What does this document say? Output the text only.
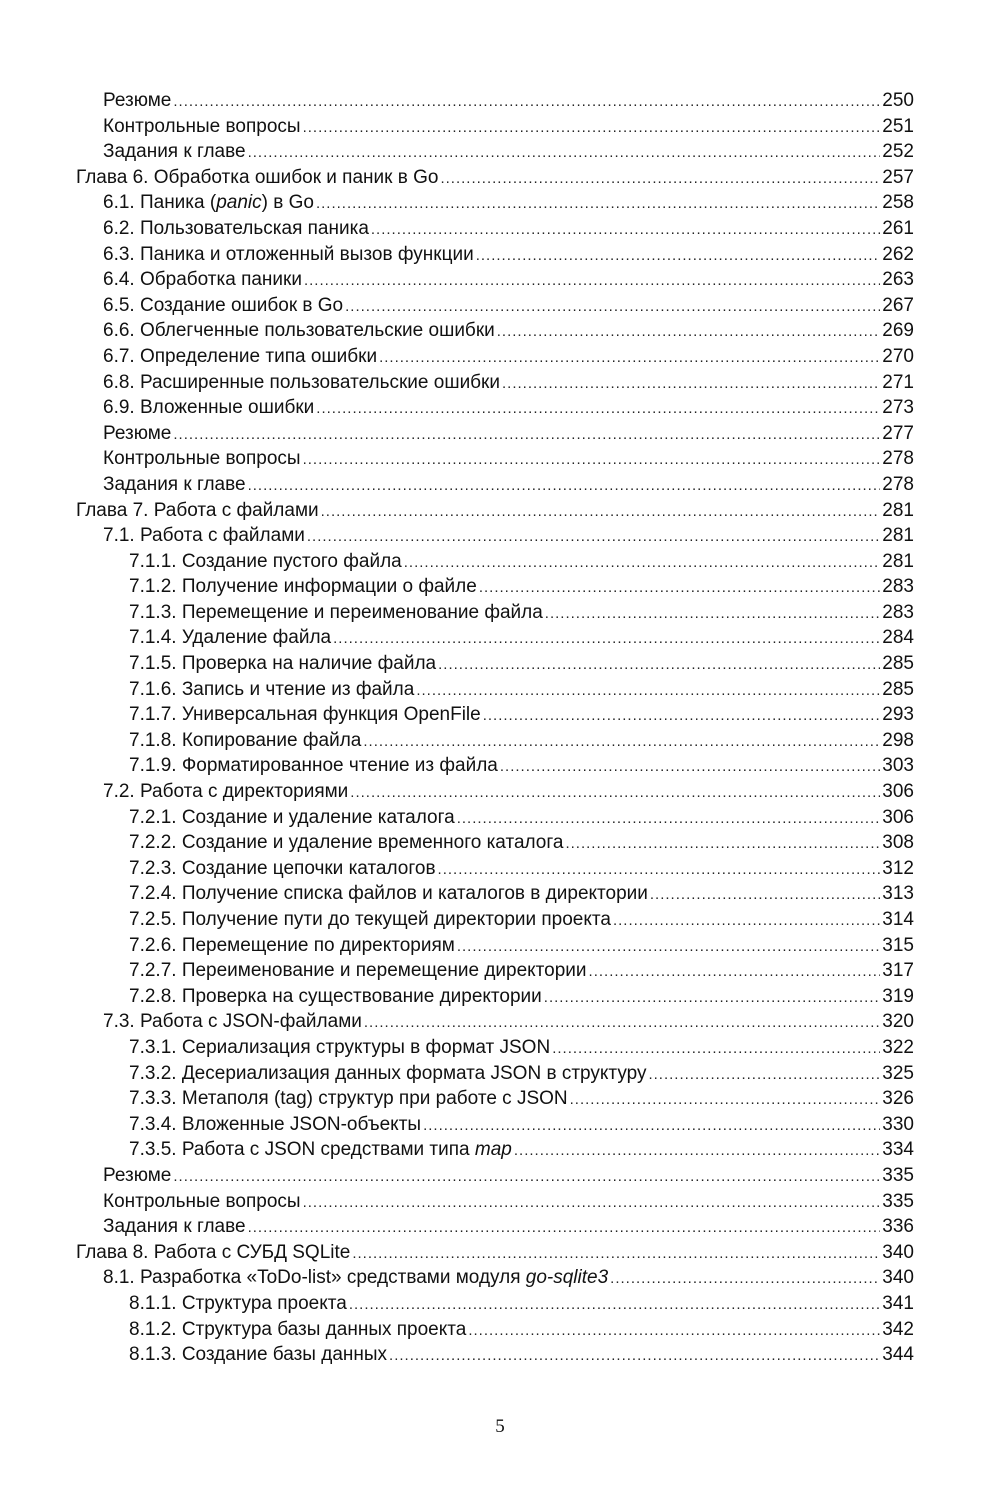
Резюме .....	250
Контрольные вопросы .....	251
Задания к главе .....	252
Глава 6. Обработка ошибок и паник в Go .....	257
6.1. Паника (panic) в Go .....	258
6.2. Пользовательская паника .....	261
6.3. Паника и отложенный вызов функции .....	262
6.4. Обработка паники .....	263
6.5. Создание ошибок в Go .....	267
6.6. Облегченные пользовательские ошибки .....	269
6.7. Определение типа ошибки .....	270
6.8. Расширенные пользовательские ошибки .....	271
6.9. Вложенные ошибки .....	273
Резюме .....	277
Контрольные вопросы .....	278
Задания к главе .....	278
Глава 7. Работа с файлами .....	281
7.1. Работа с файлами .....	281
7.1.1. Создание пустого файла .....	281
7.1.2. Получение информации о файле .....	283
7.1.3. Перемещение и переименование файла .....	283
7.1.4. Удаление файла .....	284
7.1.5. Проверка на наличие файла .....	285
7.1.6. Запись и чтение из файла .....	285
7.1.7. Универсальная функция OpenFile .....	293
7.1.8. Копирование файла .....	298
7.1.9. Форматированное чтение из файла .....	303
7.2. Работа с директориями .....	306
7.2.1. Создание и удаление каталога .....	306
7.2.2. Создание и удаление временного каталога .....	308
7.2.3. Создание цепочки каталогов .....	312
7.2.4. Получение списка файлов и каталогов в директории .....	313
7.2.5. Получение пути до текущей директории проекта .....	314
7.2.6. Перемещение по директориям .....	315
7.2.7. Переименование и перемещение директории .....	317
7.2.8. Проверка на существование директории .....	319
7.3. Работа с JSON-файлами .....	320
7.3.1. Сериализация структуры в формат JSON .....	322
7.3.2. Десериализация данных формата JSON в структуру .....	325
7.3.3. Метаполя (tag) структур при работе с JSON .....	326
7.3.4. Вложенные JSON-объекты .....	330
7.3.5. Работа с JSON средствами типа map .....	334
Резюме .....	335
Контрольные вопросы .....	335
Задания к главе .....	336
Глава 8. Работа с СУБД SQLite .....	340
8.1. Разработка «ToDo-list» средствами модуля go-sqlite3 .....	340
8.1.1. Структура проекта .....	341
8.1.2. Структура базы данных проекта .....	342
8.1.3. Создание базы данных .....	344
5
